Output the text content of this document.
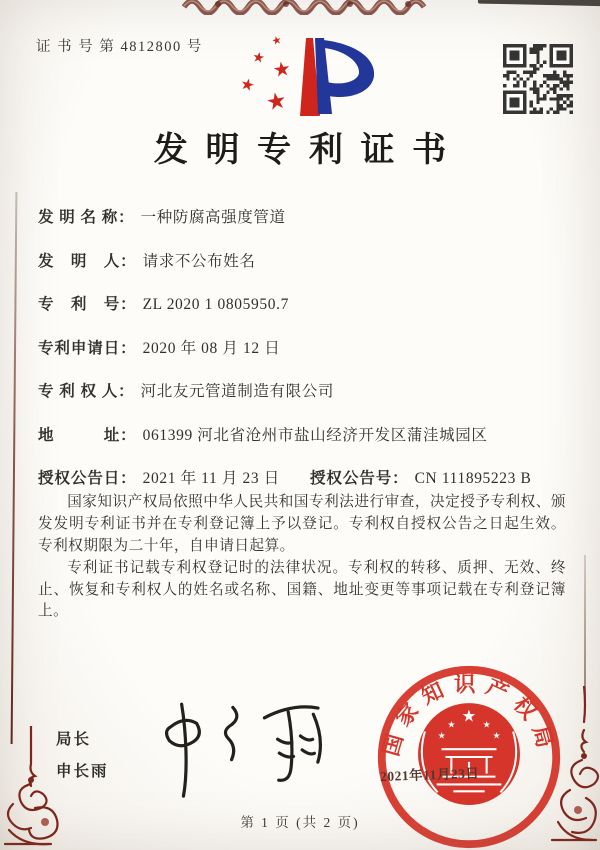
证 书 号 第 4812800 号	★
★ ★
★
★
发明专利证书
发 明 名 称： 一种防腐高强度管道
发　明　人： 请求不公布姓名
专　利　号： ZL 2020 1 0805950.7
专利申请日： 2020 年 08 月 12 日
专 利 权 人： 河北友元管道制造有限公司
地　　　址： 061399 河北省沧州市盐山经济开发区蒲洼城园区
授权公告日： 2021 年 11 月 23 日 授权公告号： CN 111895223 B

国家知识产权局依照中华人民共和国专利法进行审查，决定授予专利权、颁发发明专利证书并在专利登记簿上予以登记。专利权自授权公告之日起生效。专利权期限为二十年，自申请日起算。

专利证书记载专利权登记时的法律状况。专利权的转移、质押、无效、终止、恢复和专利权人的姓名或名称、国籍、地址变更等事项记载在专利登记簿上。

局长
申长雨
国家知识产权局
★
★
★
★
★
2021年11月23日
第 1 页 (共 2 页)
